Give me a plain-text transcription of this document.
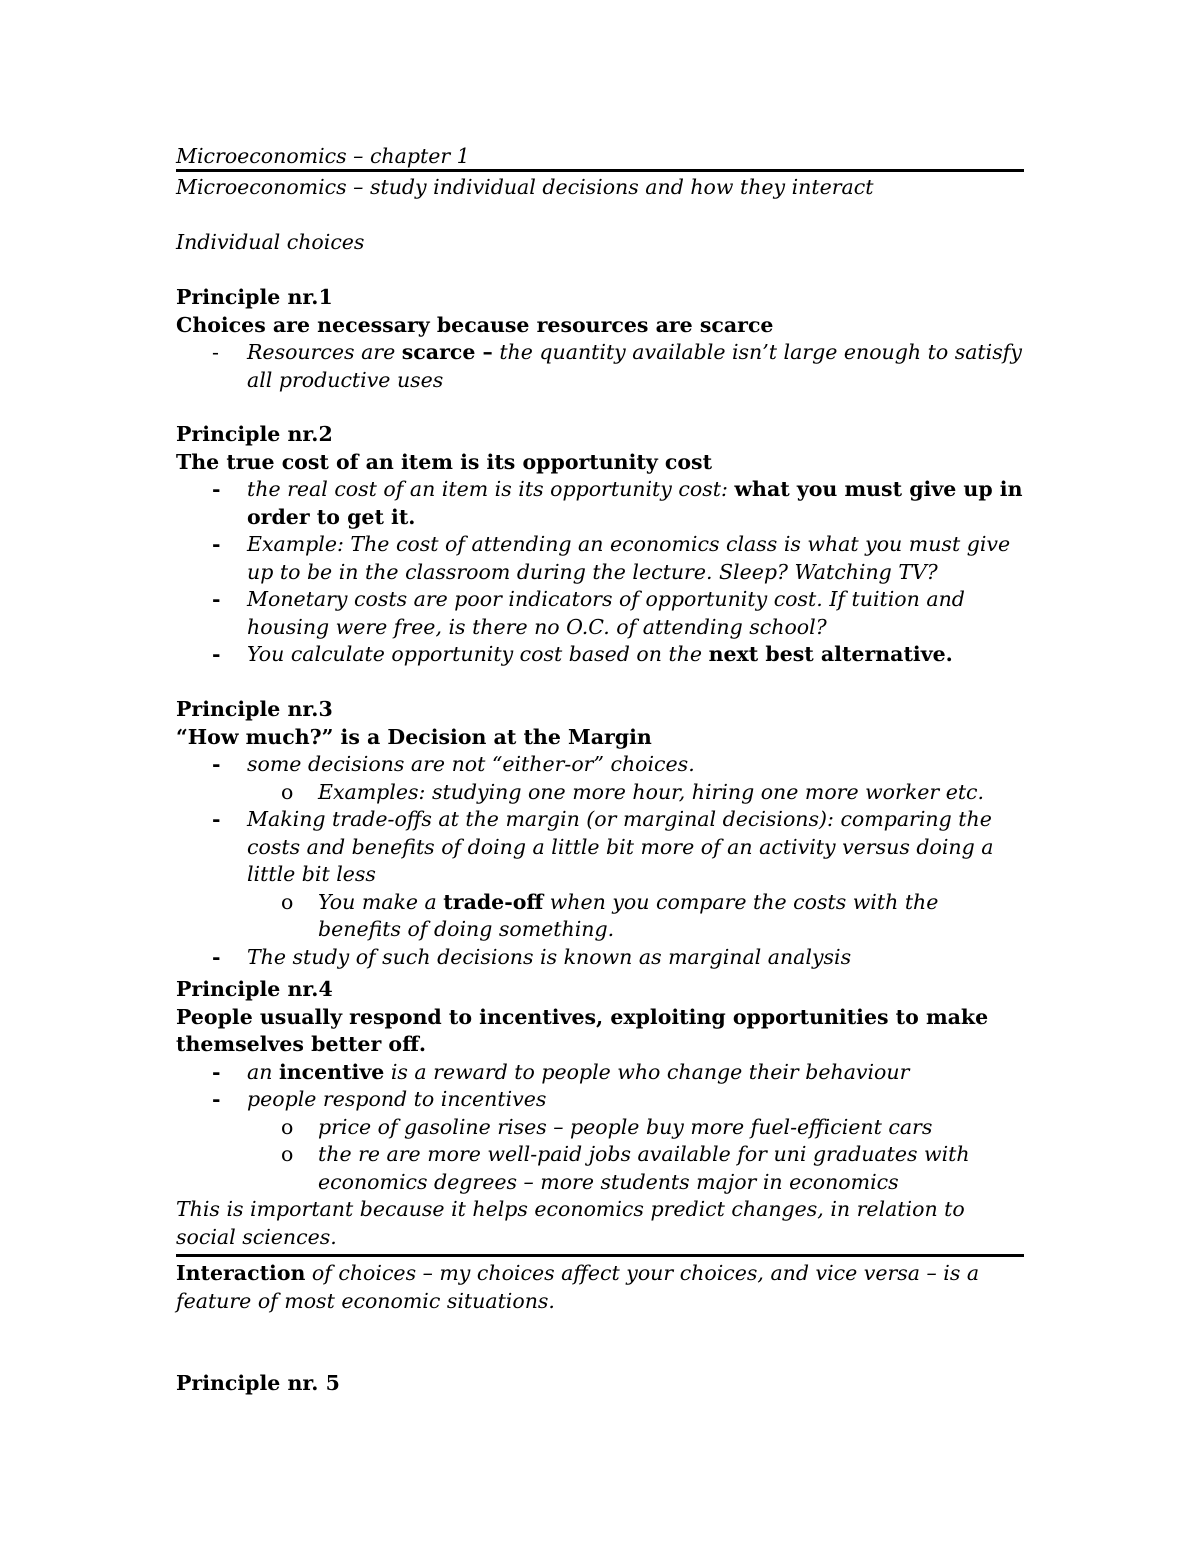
Microeconomics – chapter 1
Microeconomics – study individual decisions and how they interact
Individual choices

Principle nr.1

Choices are necessary because resources are scarce

- Resources are scarce – the quantity available isn’t large enough to satisfy all productive uses

Principle nr.2

The true cost of an item is its opportunity cost

- the real cost of an item is its opportunity cost: what you must give up in order to get it.

- Example: The cost of attending an economics class is what you must give up to be in the classroom during the lecture. Sleep? Watching TV?

- Monetary costs are poor indicators of opportunity cost. If tuition and housing were free, is there no O.C. of attending school?

- You calculate opportunity cost based on the next best alternative.

Principle nr.3

“How much?” is a Decision at the Margin

- some decisions are not “either-or” choices.

o Examples: studying one more hour, hiring one more worker etc.

- Making trade-offs at the margin (or marginal decisions): comparing the costs and benefits of doing a little bit more of an activity versus doing a little bit less

o You make a trade-off when you compare the costs with the benefits of doing something.

- The study of such decisions is known as marginal analysis

Principle nr.4

People usually respond to incentives, exploiting opportunities to make themselves better off.

- an incentive is a reward to people who change their behaviour

- people respond to incentives

o price of gasoline rises – people buy more fuel-efficient cars

o the re are more well-paid jobs available for uni graduates with economics degrees – more students major in economics

This is important because it helps economics predict changes, in relation to social sciences.

Interaction of choices – my choices affect your choices, and vice versa – is a feature of most economic situations.
Principle nr. 5
